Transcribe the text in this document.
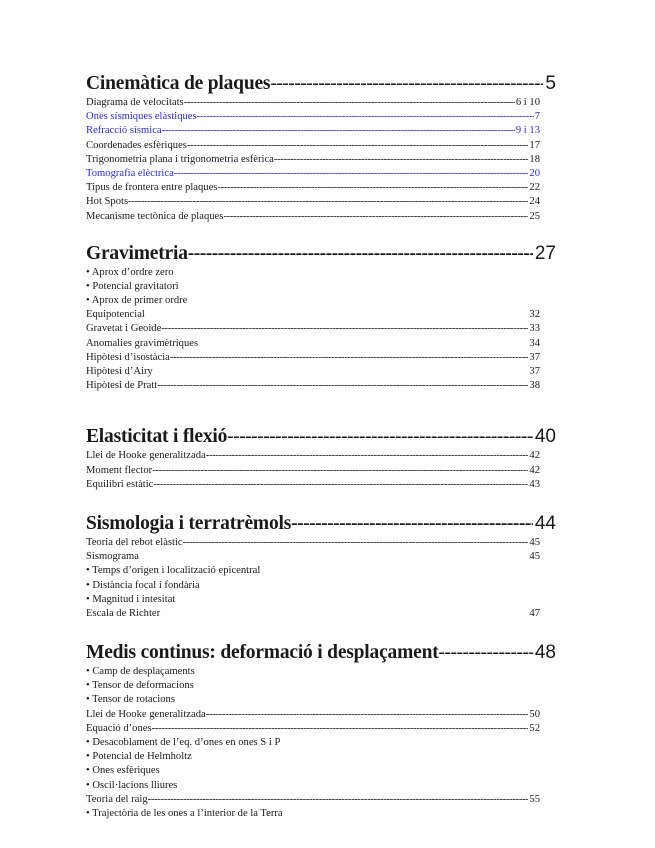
Cinemàtica de plaques -----	5
Diagrama de velocitats -----	6 i 10
Ones sísmiques elàstiques -----	7
Refracció sísmica -----	9 i 13
Coordenades esfèriques -----	17
Trigonometria plana i trigonometria esfèrica -----	18
Tomografia elèctrica -----	20
Tipus de frontera entre plaques -----	22
Hot Spots -----	24
Mecanisme tectònica de plaques -----	25
Gravimetria -----	27
• Aprox d’ordre zero
• Potencial gravitatori
• Aprox de primer ordre
Equipotencial	32
Gravetat i Geoide -----	33
Anomalies gravimètriques	34
Hipòtesi d’isostàcia -----	37
Hipòtesi d’Airy	37
Hipòtesi de Pratt -----	38
Elasticitat i flexió -----	40
Llei de Hooke generalitzada -----	42
Moment flector -----	42
Equilibri estàtic -----	43
Sismologia i terratrèmols -----	44
Teoria del rebot elàstic -----	45
Sismograma	45
• Temps d’origen i localització epicentral
• Distància focal i fondària
• Magnitud i intesitat
Escala de Richter	47
Medis continus: deformació i desplaçament -----	48
• Camp de desplaçaments
• Tensor de deformacions
• Tensor de rotacions
Llei de Hooke generalitzada -----	50
Equació d’ones -----	52
• Desacoblament de l’eq. d’ones en ones S i P
• Potencial de Helmholtz
• Ones esfèriques
• Oscil·lacions lliures
Teoria del raig -----	55
• Trajectòria de les ones a l’interior de la Terra
